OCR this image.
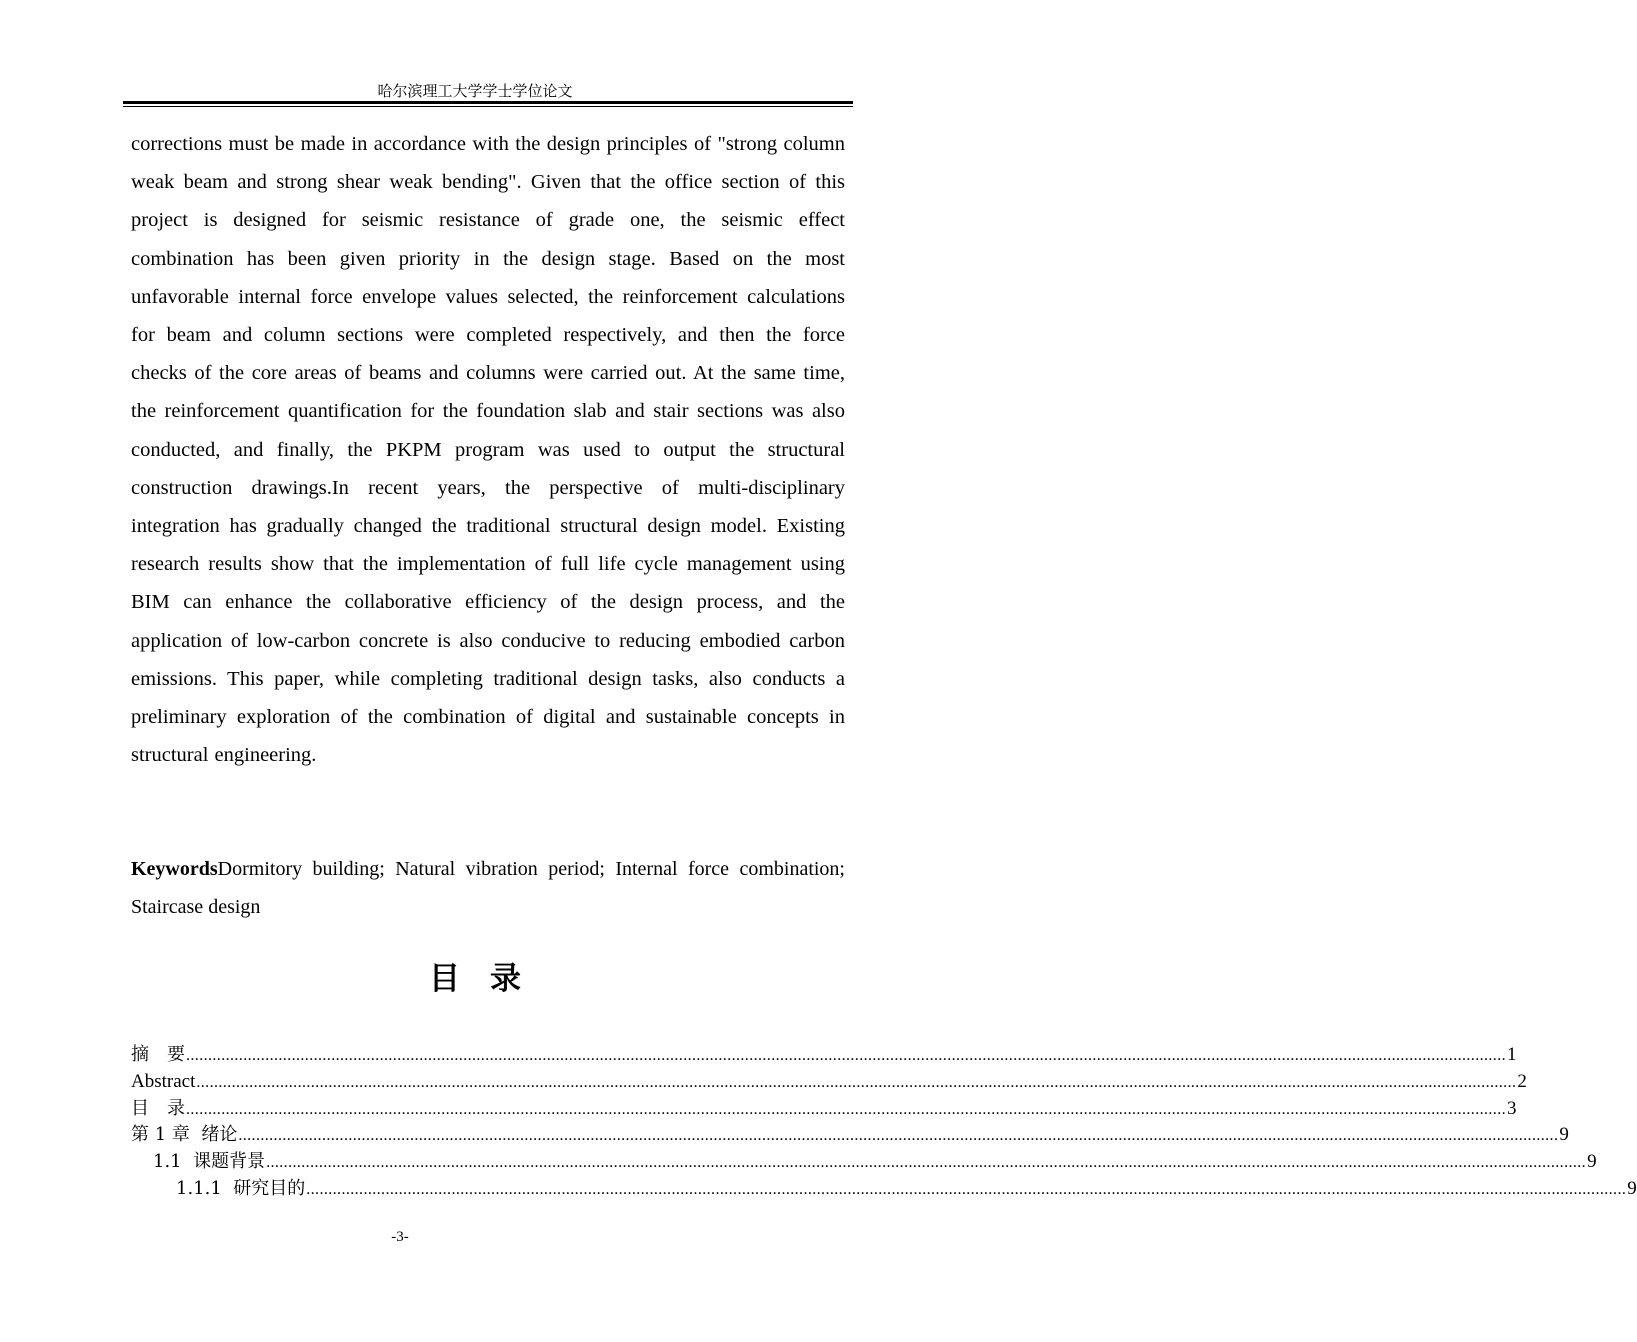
哈尔滨理工大学学士学位论文
corrections must be made in accordance with the design principles of "strong column weak beam and strong shear weak bending". Given that the office section of this project is designed for seismic resistance of grade one, the seismic effect combination has been given priority in the design stage. Based on the most unfavorable internal force envelope values selected, the reinforcement calculations for beam and column sections were completed respectively, and then the force checks of the core areas of beams and columns were carried out. At the same time, the reinforcement quantification for the foundation slab and stair sections was also conducted, and finally, the PKPM program was used to output the structural construction drawings.In recent years, the perspective of multi-disciplinary integration has gradually changed the traditional structural design model. Existing research results show that the implementation of full life cycle management using BIM can enhance the collaborative efficiency of the design process, and the application of low-carbon concrete is also conducive to reducing embodied carbon emissions. This paper, while completing traditional design tasks, also conducts a preliminary exploration of the combination of digital and sustainable concepts in structural engineering.
KeywordsDormitory building; Natural vibration period; Internal force combination; Staircase design
目录
摘　要 ............................................................................................................................................................................................................................................................................................................ 1
Abstract ............................................................................................................................................................................................................................................................................................................ 2
目　录 ............................................................................................................................................................................................................................................................................................................ 3
第 1 章  绪论 ............................................................................................................................................................................................................................................................................................................ 9
1.1  课题背景 ............................................................................................................................................................................................................................................................................................................ 9
1.1.1  研究目的 ............................................................................................................................................................................................................................................................................................................ 9
-3-
